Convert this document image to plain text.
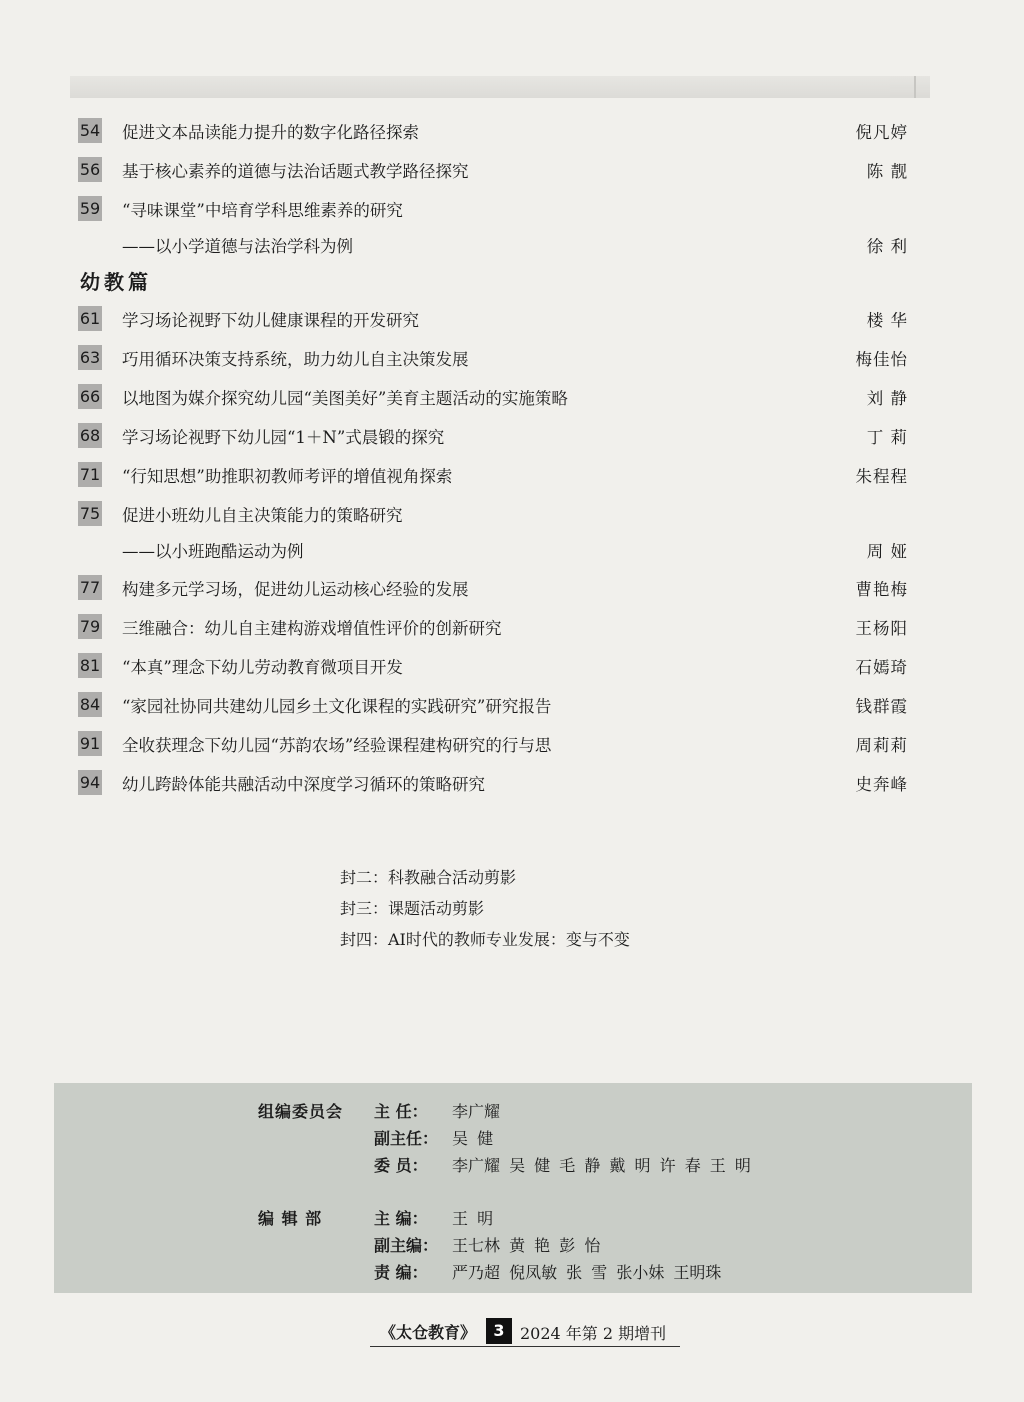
54 促进文本品读能力提升的数字化路径探索	倪凡婷
56 基于核心素养的道德与法治话题式教学路径探究	陈 靓
59 “寻味课堂”中培育学科思维素养的研究
——以小学道德与法治学科为例	徐 利
幼教篇
61 学习场论视野下幼儿健康课程的开发研究	楼 华
63 巧用循环决策支持系统，助力幼儿自主决策发展	梅佳怡
66 以地图为媒介探究幼儿园“美图美好”美育主题活动的实施策略	刘 静
68 学习场论视野下幼儿园“1＋N”式晨锻的探究	丁 莉
71 “行知思想”助推职初教师考评的增值视角探索	朱程程
75 促进小班幼儿自主决策能力的策略研究
——以小班跑酷运动为例	周 娅
77 构建多元学习场，促进幼儿运动核心经验的发展	曹艳梅
79 三维融合：幼儿自主建构游戏增值性评价的创新研究	王杨阳
81 “本真”理念下幼儿劳动教育微项目开发	石嫣琦
84 “家园社协同共建幼儿园乡土文化课程的实践研究”研究报告	钱群霞
91 全收获理念下幼儿园“苏韵农场”经验课程建构研究的行与思	周莉莉
94 幼儿跨龄体能共融活动中深度学习循环的策略研究	史奔峰
封二：科教融合活动剪影
封三：课题活动剪影
封四：AI时代的教师专业发展：变与不变
组编委员会 主 任： 李广耀
副主任： 吴 健
委 员： 李广耀 吴 健 毛 静 戴 明 许 春 王 明
编 辑 部	主 编： 王 明
副主编： 王七林 黄 艳 彭 怡
责 编： 严乃超 倪凤敏 张 雪 张小妹 王明珠
《太仓教育》	3 2024 年第 2 期增刊
